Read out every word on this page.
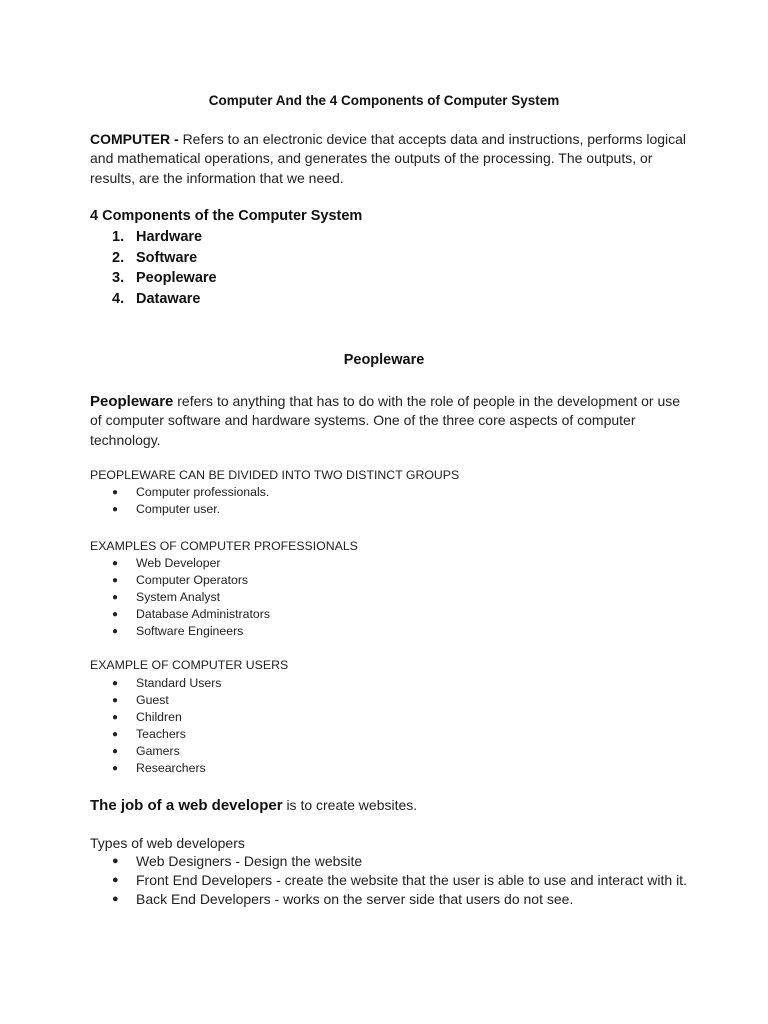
Computer And the 4 Components of Computer System

COMPUTER - Refers to an electronic device that accepts data and instructions, performs logical and mathematical operations, and generates the outputs of the processing. The outputs, or results, are the information that we need.

4 Components of the Computer System
1. Hardware
2. Software
3. Peopleware
4. Dataware
Peopleware

Peopleware refers to anything that has to do with the role of people in the development or use of computer software and hardware systems. One of the three core aspects of computer technology.

PEOPLEWARE CAN BE DIVIDED INTO TWO DISTINCT GROUPS
● Computer professionals.
● Computer user.
EXAMPLES OF COMPUTER PROFESSIONALS
● Web Developer
● Computer Operators
● System Analyst
● Database Administrators
● Software Engineers
EXAMPLE OF COMPUTER USERS
● Standard Users
● Guest
● Children
● Teachers
● Gamers
● Researchers

The job of a web developer is to create websites.

Types of web developers
● Web Designers - Design the website
● Front End Developers - create the website that the user is able to use and interact with it.
● Back End Developers - works on the server side that users do not see.
